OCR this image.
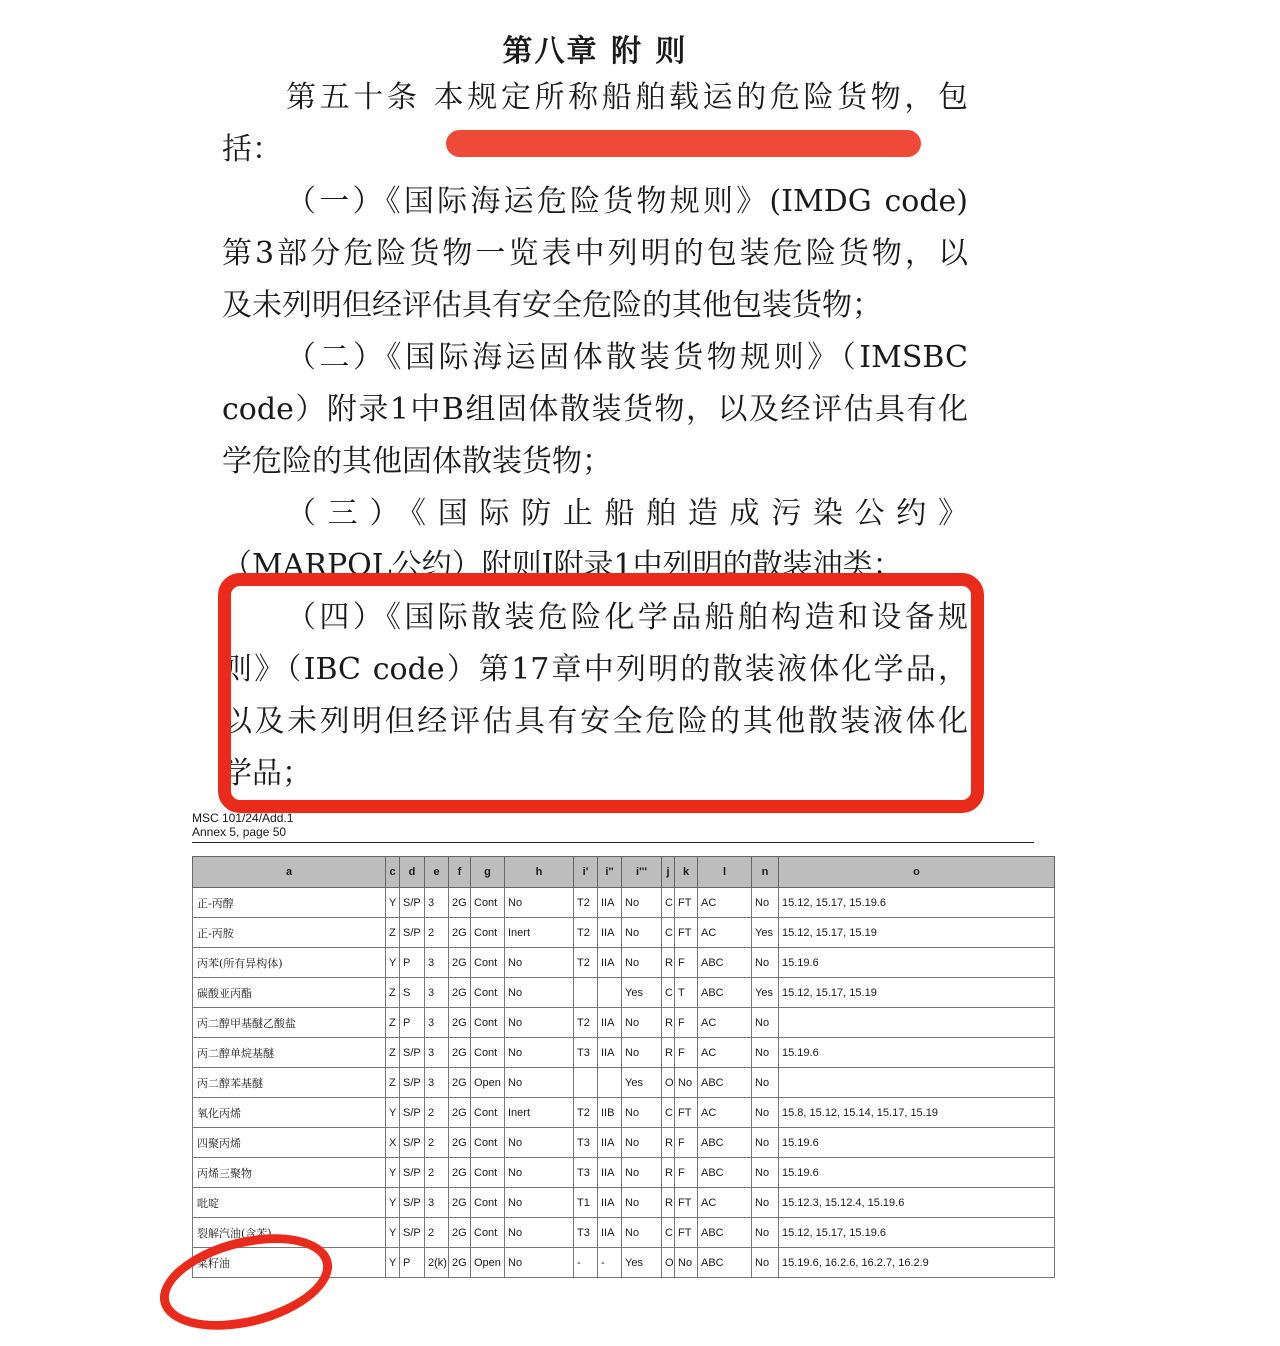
第八章 附 则
第五十条 本规定所称船舶载运的危险货物，包
括：
（一）《国际海运危险货物规则》(IMDG code)
第3部分危险货物一览表中列明的包装危险货物，以
及未列明但经评估具有安全危险的其他包装货物；
（二）《国际海运固体散装货物规则》（IMSBC
code）附录1中B组固体散装货物，以及经评估具有化
学危险的其他固体散装货物；
（三）《国际防止船舶造成污染公约》
（MARPOL公约）附则I附录1中列明的散装油类；
（四）《国际散装危险化学品船舶构造和设备规
则》（IBC code）第17章中列明的散装液体化学品，
以及未列明但经评估具有安全危险的其他散装液体化
学品；
MSC 101/24/Add.1
Annex 5, page 50
a	c	d	e	f	g	h	i'	i''	i'''	j	k	l	n	o
正-丙醇	Y	S/P	3	2G	Cont	No	T2	IIA	No	C	FT	AC	No	15.12, 15.17, 15.19.6
正-丙胺	Z	S/P	2	2G	Cont	Inert	T2	IIA	No	C	FT	AC	Yes	15.12, 15.17, 15.19
丙苯(所有异构体)	Y	P	3	2G	Cont	No	T2	IIA	No	R	F	ABC	No	15.19.6
碳酸亚丙酯	Z	S	3	2G	Cont	No			Yes	C	T	ABC	Yes	15.12, 15.17, 15.19
丙二醇甲基醚乙酸盐	Z	P	3	2G	Cont	No	T2	IIA	No	R	F	AC	No	
丙二醇单烷基醚	Z	S/P	3	2G	Cont	No	T3	IIA	No	R	F	AC	No	15.19.6
丙二醇苯基醚	Z	S/P	3	2G	Open	No			Yes	O	No	ABC	No	
氧化丙烯	Y	S/P	2	2G	Cont	Inert	T2	IIB	No	C	FT	AC	No	15.8, 15.12, 15.14, 15.17, 15.19
四聚丙烯	X	S/P	2	2G	Cont	No	T3	IIA	No	R	F	ABC	No	15.19.6
丙烯三聚物	Y	S/P	2	2G	Cont	No	T3	IIA	No	R	F	ABC	No	15.19.6
吡啶	Y	S/P	3	2G	Cont	No	T1	IIA	No	R	FT	AC	No	15.12.3, 15.12.4, 15.19.6
裂解汽油(含苯)	Y	S/P	2	2G	Cont	No	T3	IIA	No	C	FT	ABC	No	15.12, 15.17, 15.19.6
菜籽油	Y	P	2(k)	2G	Open	No	-	-	Yes	O	No	ABC	No	15.19.6, 16.2.6, 16.2.7, 16.2.9
